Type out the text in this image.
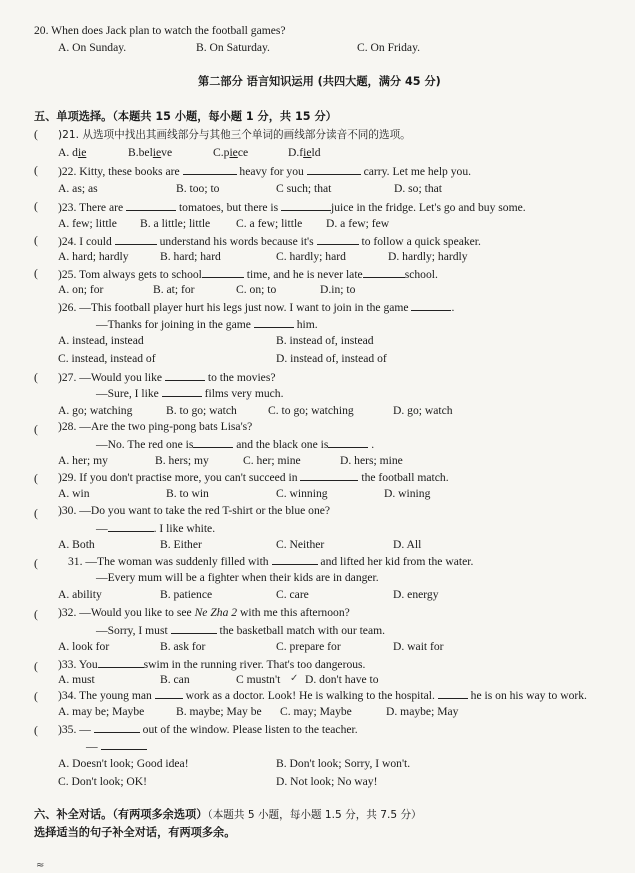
20. When does Jack plan to watch the football games?
A. On Sunday.	B. On Saturday.	C. On Friday.
第二部分 语言知识运用 (共四大题，满分 45 分)
五、单项选择。（本题共 15 小题，每小题 1 分，共 15 分）
( )21. 从选项中找出其画线部分与其他三个单词的画线部分读音不同的选项。
A. die	B.believe	C.piece	D.field
( )22. Kitty, these books are	heavy for you	carry. Let me help you.
A. as; as	B. too; to	C such; that	D. so; that
( )23. There are	tomatoes, but there is	juice in the fridge. Let's go and buy some.
A. few; little B. a little; little C. a few; little D. a few; few
( )24. I could	understand his words because it's	to follow a quick speaker.
A. hard; hardly	B. hard; hard	C. hardly; hard	D. hardly; hardly
( )25. Tom always gets to school	time, and he is never late	school.
A. on; for	B. at; for	C. on; to	D.in; to
)26. —This football player hurt his legs just now. I want to join in the game	.
—Thanks for joining in the game	him.
A. instead, instead	B. instead of, instead
C. instead, instead of	D. instead of, instead of
( )27. —Would you like	to the movies?
—Sure, I like	films very much.
A. go; watching	B. to go; watch	C. to go; watching	D. go; watch
( )28. —Are the two ping-pong bats Lisa's?
—No. The red one is	and the black one is	.
A. her; my	B. hers; my	C. her; mine	D. hers; mine
( )29. If you don't practise more, you can't succeed in	the football match.
A. win	B. to win	C. winning	D. wining
( )30. —Do you want to take the red T-shirt or the blue one?
—	. I like white.
A. Both	B. Either	C. Neither	D. All
(	31. —The woman was suddenly filled with	and lifted her kid from the water.
—Every mum will be a fighter when their kids are in danger.
A. ability	B. patience	C. care	D. energy
( )32. —Would you like to see Ne Zha 2 with me this afternoon?
—Sorry, I must	the basketball match with our team.
A. look for	B. ask for	C. prepare for	D. wait for
( )33. You	swim in the running river. That's too dangerous.
A. must	B. can	C mustn't ✓ D. don't have to
( )34. The young man	work as a doctor. Look! He is walking to the hospital.	he is on his way to work.
A. may be; Maybe	B. maybe; May be C. may; Maybe	D. maybe; May
( )35. —	out of the window. Please listen to the teacher.
—
A. Doesn't look; Good idea!	B. Don't look; Sorry, I won't.
C. Don't look; OK!	D. Not look; No way!
六、补全对话。（有两项多余选项）（本题共 5 小题，每小题 1.5 分，共 7.5 分）
选择适当的句子补全对话，有两项多余。
≈
